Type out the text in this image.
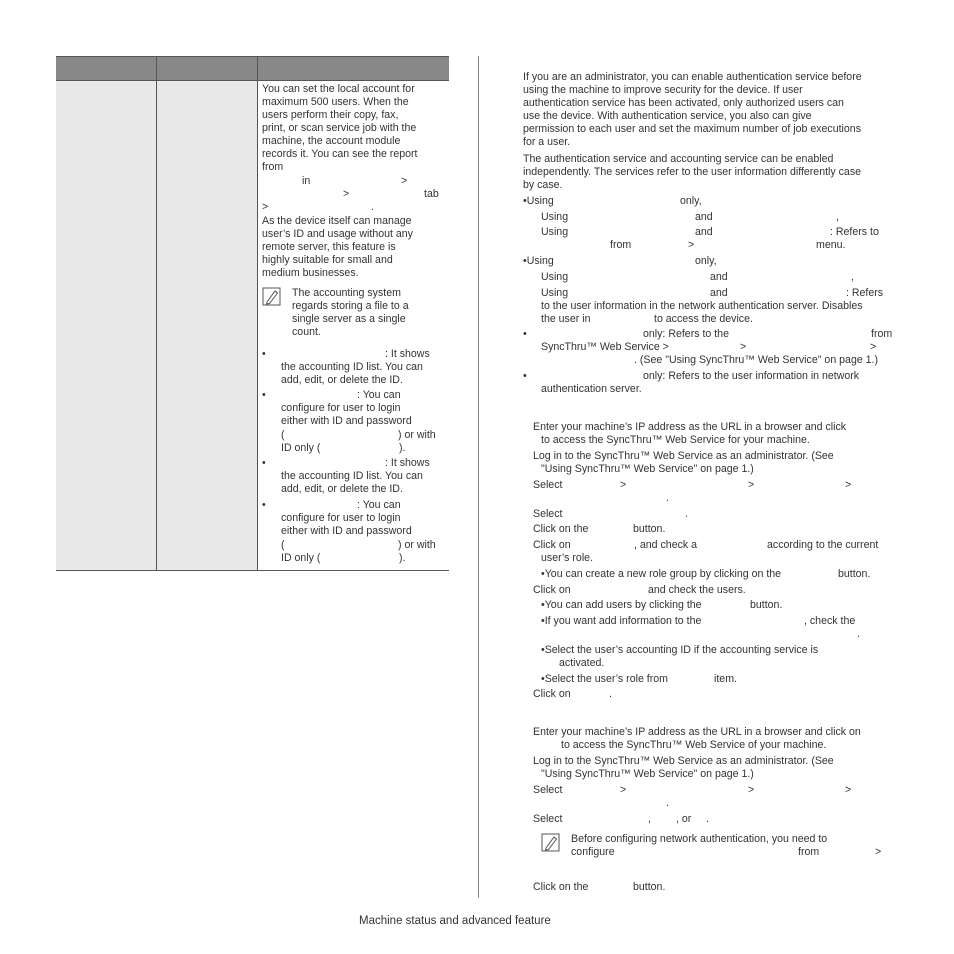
You can set the local account for
maximum 500 users. When the
users perform their copy, fax,
print, or scan service job with the
machine, the account module
records it. You can see the report
from
in	>
>	tab
>	.
As the device itself can manage
user’s ID and usage without any
remote server, this feature is
highly suitable for small and
medium businesses.
The accounting system
regards storing a file to a
single server as a single
count.
•	: It shows
the accounting ID list. You can
add, edit, or delete the ID.
•	: You can
configure for user to login
either with ID and password
(	) or with
ID only (	).
•	: It shows
the accounting ID list. You can
add, edit, or delete the ID.
•	: You can
configure for user to login
either with ID and password
(	) or with
ID only (	).
If you are an administrator, you can enable authentication service before
using the machine to improve security for the device. If user
authentication service has been activated, only authorized users can
use the device. With authentication service, you also can give
permission to each user and set the maximum number of job executions
for a user.
The authentication service and accounting service can be enabled
independently. The services refer to the user information differently case
by case.
•Using	only,
Using	and	,
Using	and	: Refers to
from	>	menu.
•Using	only,
Using	and	,
Using	and	: Refers
to the user information in the network authentication server. Disables
the user in	to access the device.
•	only: Refers to the	from
SyncThru™ Web Service >	>	>
. (See "Using SyncThru™ Web Service" on page 1.)
•	only: Refers to the user information in network
authentication server.
Enter your machine’s IP address as the URL in a browser and click
to access the SyncThru™ Web Service for your machine.
Log in to the SyncThru™ Web Service as an administrator. (See
"Using SyncThru™ Web Service" on page 1.)
Select	>	>	>
.
Select	.
Click on the	button.
Click on	, and check a	according to the current
user’s role.
•You can create a new role group by clicking on the	button.
Click on	and check the users.
•You can add users by clicking the	button.
•If you want add information to the	, check the
.
•Select the user’s accounting ID if the accounting service is
activated.
•Select the user’s role from	item.
Click on	.
Enter your machine’s IP address as the URL in a browser and click on
to access the SyncThru™ Web Service of your machine.
Log in to the SyncThru™ Web Service as an administrator. (See
"Using SyncThru™ Web Service" on page 1.)
Select	>	>	>
.
Select	, , or .
Before configuring network authentication, you need to
configure	from	>
Click on the	button.
Machine status and advanced feature
